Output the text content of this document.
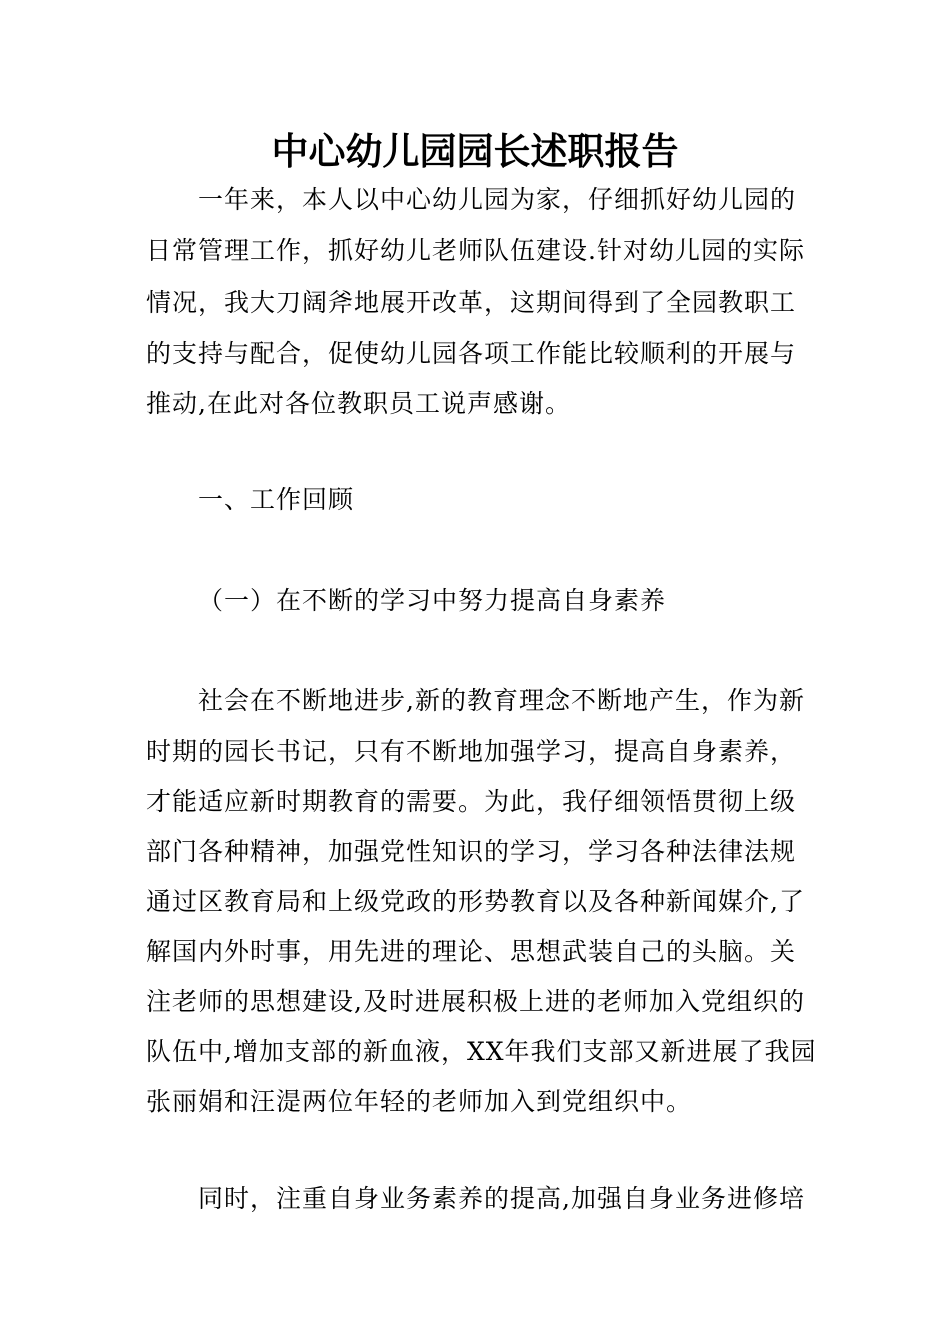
中心幼儿园园长述职报告
一年来，本人以中心幼儿园为家，仔细抓好幼儿园的
日常管理工作，抓好幼儿老师队伍建设.针对幼儿园的实际
情况，我大刀阔斧地展开改革，这期间得到了全园教职工
的支持与配合，促使幼儿园各项工作能比较顺利的开展与
推动,在此对各位教职员工说声感谢。
一、工作回顾
（一）在不断的学习中努力提高自身素养
社会在不断地进步,新的教育理念不断地产生，作为新
时期的园长书记，只有不断地加强学习，提高自身素养，
才能适应新时期教育的需要。为此，我仔细领悟贯彻上级
部门各种精神，加强党性知识的学习，学习各种法律法规
通过区教育局和上级党政的形势教育以及各种新闻媒介,了
解国内外时事，用先进的理论、思想武装自己的头脑。关
注老师的思想建设,及时进展积极上进的老师加入党组织的
队伍中,增加支部的新血液，XX年我们支部又新进展了我园
张丽娟和汪湜两位年轻的老师加入到党组织中。
同时，注重自身业务素养的提高,加强自身业务进修培
